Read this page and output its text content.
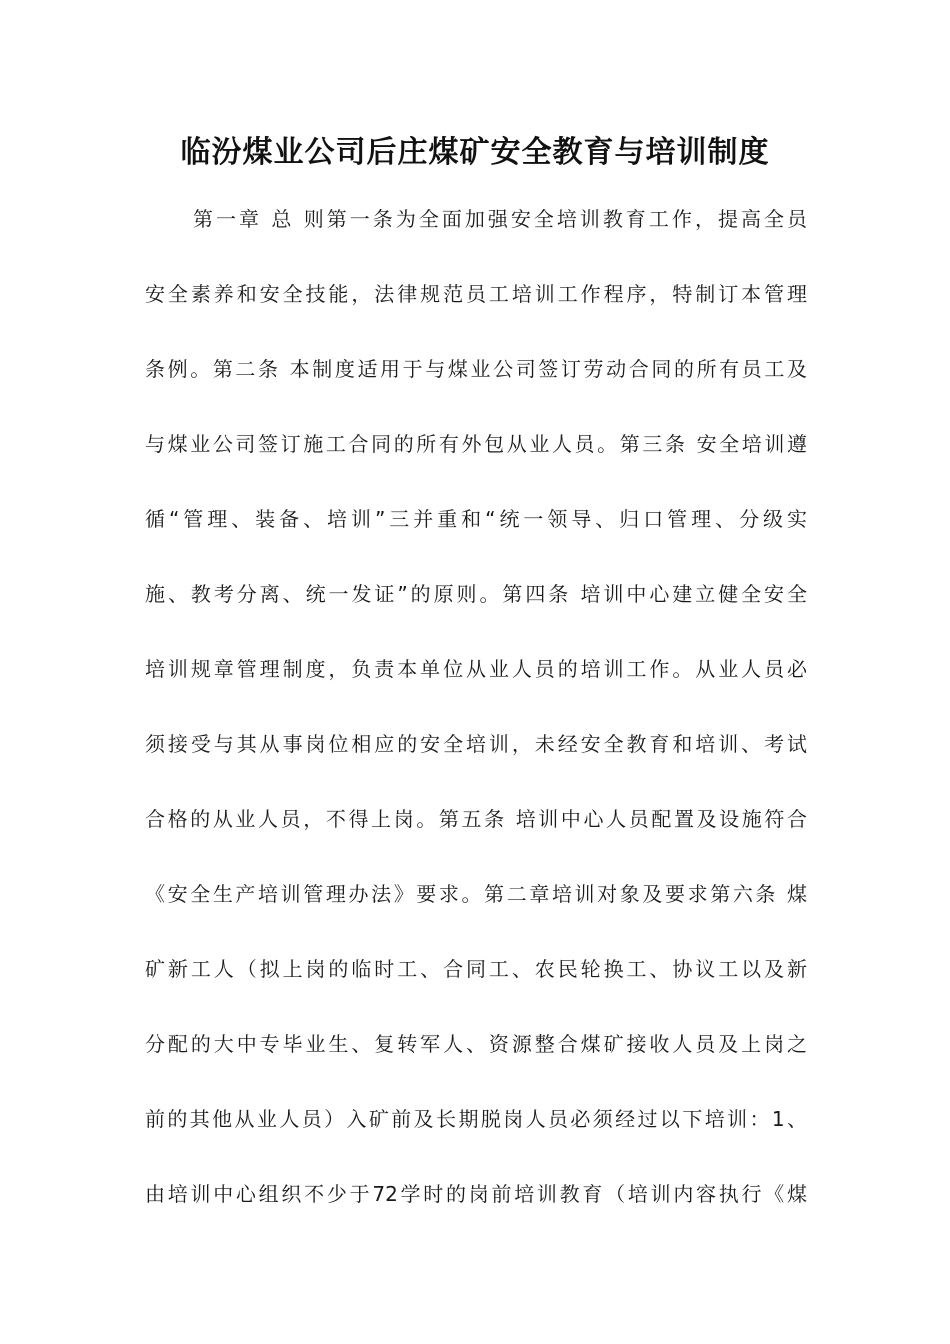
临汾煤业公司后庄煤矿安全教育与培训制度
第一章 总 则第一条为全面加强安全培训教育工作，提高全员
安全素养和安全技能，法律规范员工培训工作程序，特制订本管理
条例。第二条 本制度适用于与煤业公司签订劳动合同的所有员工及
与煤业公司签订施工合同的所有外包从业人员。第三条 安全培训遵
循“管理、装备、培训”三并重和“统一领导、归口管理、分级实
施、教考分离、统一发证”的原则。第四条 培训中心建立健全安全
培训规章管理制度，负责本单位从业人员的培训工作。从业人员必
须接受与其从事岗位相应的安全培训，未经安全教育和培训、考试
合格的从业人员，不得上岗。第五条 培训中心人员配置及设施符合
《安全生产培训管理办法》要求。第二章培训对象及要求第六条 煤
矿新工人（拟上岗的临时工、合同工、农民轮换工、协议工以及新
分配的大中专毕业生、复转军人、资源整合煤矿接收人员及上岗之
前的其他从业人员）入矿前及长期脱岗人员必须经过以下培训：1、
由培训中心组织不少于72学时的岗前培训教育（培训内容执行《煤
